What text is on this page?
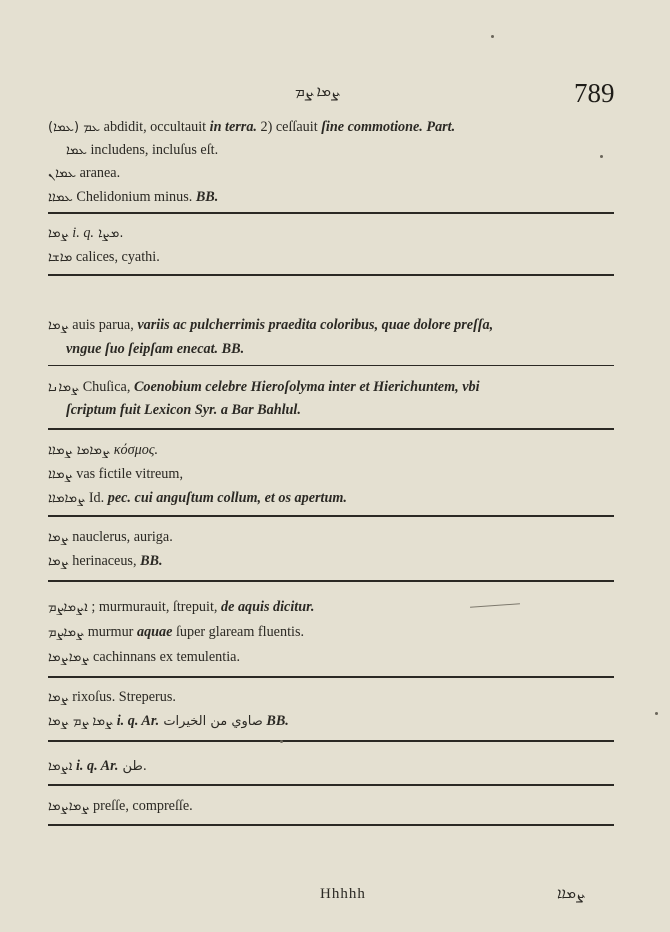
ܨܡܐ ܨܡ	789
(ܥܡܐ) ܥܡ abdidit, occultauit in terra. 2) ceſſauit ſine commotione. Part.
ܥܡܐ includens, incluſus eſt.
ܥܡܐܢ aranea.
ܥܡܐܐ Chelidonium minus. BB.
ܨܡܐ i. q. ܡܨܐ.
ܡܐܫܐ calices, cyathi.
ܨܡܐ auis parua, variis ac pulcherrimis praedita coloribus, quae dolore preſſa,
vngue ſuo ſeipſam enecat. BB.
ܨܡܐܢܐ Chuſica, Coenobium celebre Hieroſolyma inter et Hierichuntem, vbi
ſcriptum fuit Lexicon Syr. a Bar Bahlul.
ܨܡܐܡܐ ܨܡܐܐ κόσμος.
ܨܡܐܐ vas fictile vitreum,
ܨܡܐܡܐܐ Id. pec. cui anguſtum collum, et os apertum.
ܨܡܐ nauclerus, auriga.
ܨܡܐ herinaceus, BB.
ܐܨܡܐܨܡ ; murmurauit, ſtrepuit, de aquis dicitur.
ܨܡܐܨܡ murmur aquae ſuper glaream fluentis.
ܨܡܐܨܡܐ cachinnans ex temulentia.
ܨܡܐ rixoſus. Streperus.
ܨܡܐ ܨܡ ܨܡܐ i. q. Ar. صاوي من الخيرات BB.
ܐܨܡܐ i. q. Ar. طن.
ܨܡܐܨܡܐ preſſe, compreſſe.
Hhhhh	ܨܡܐܐ
